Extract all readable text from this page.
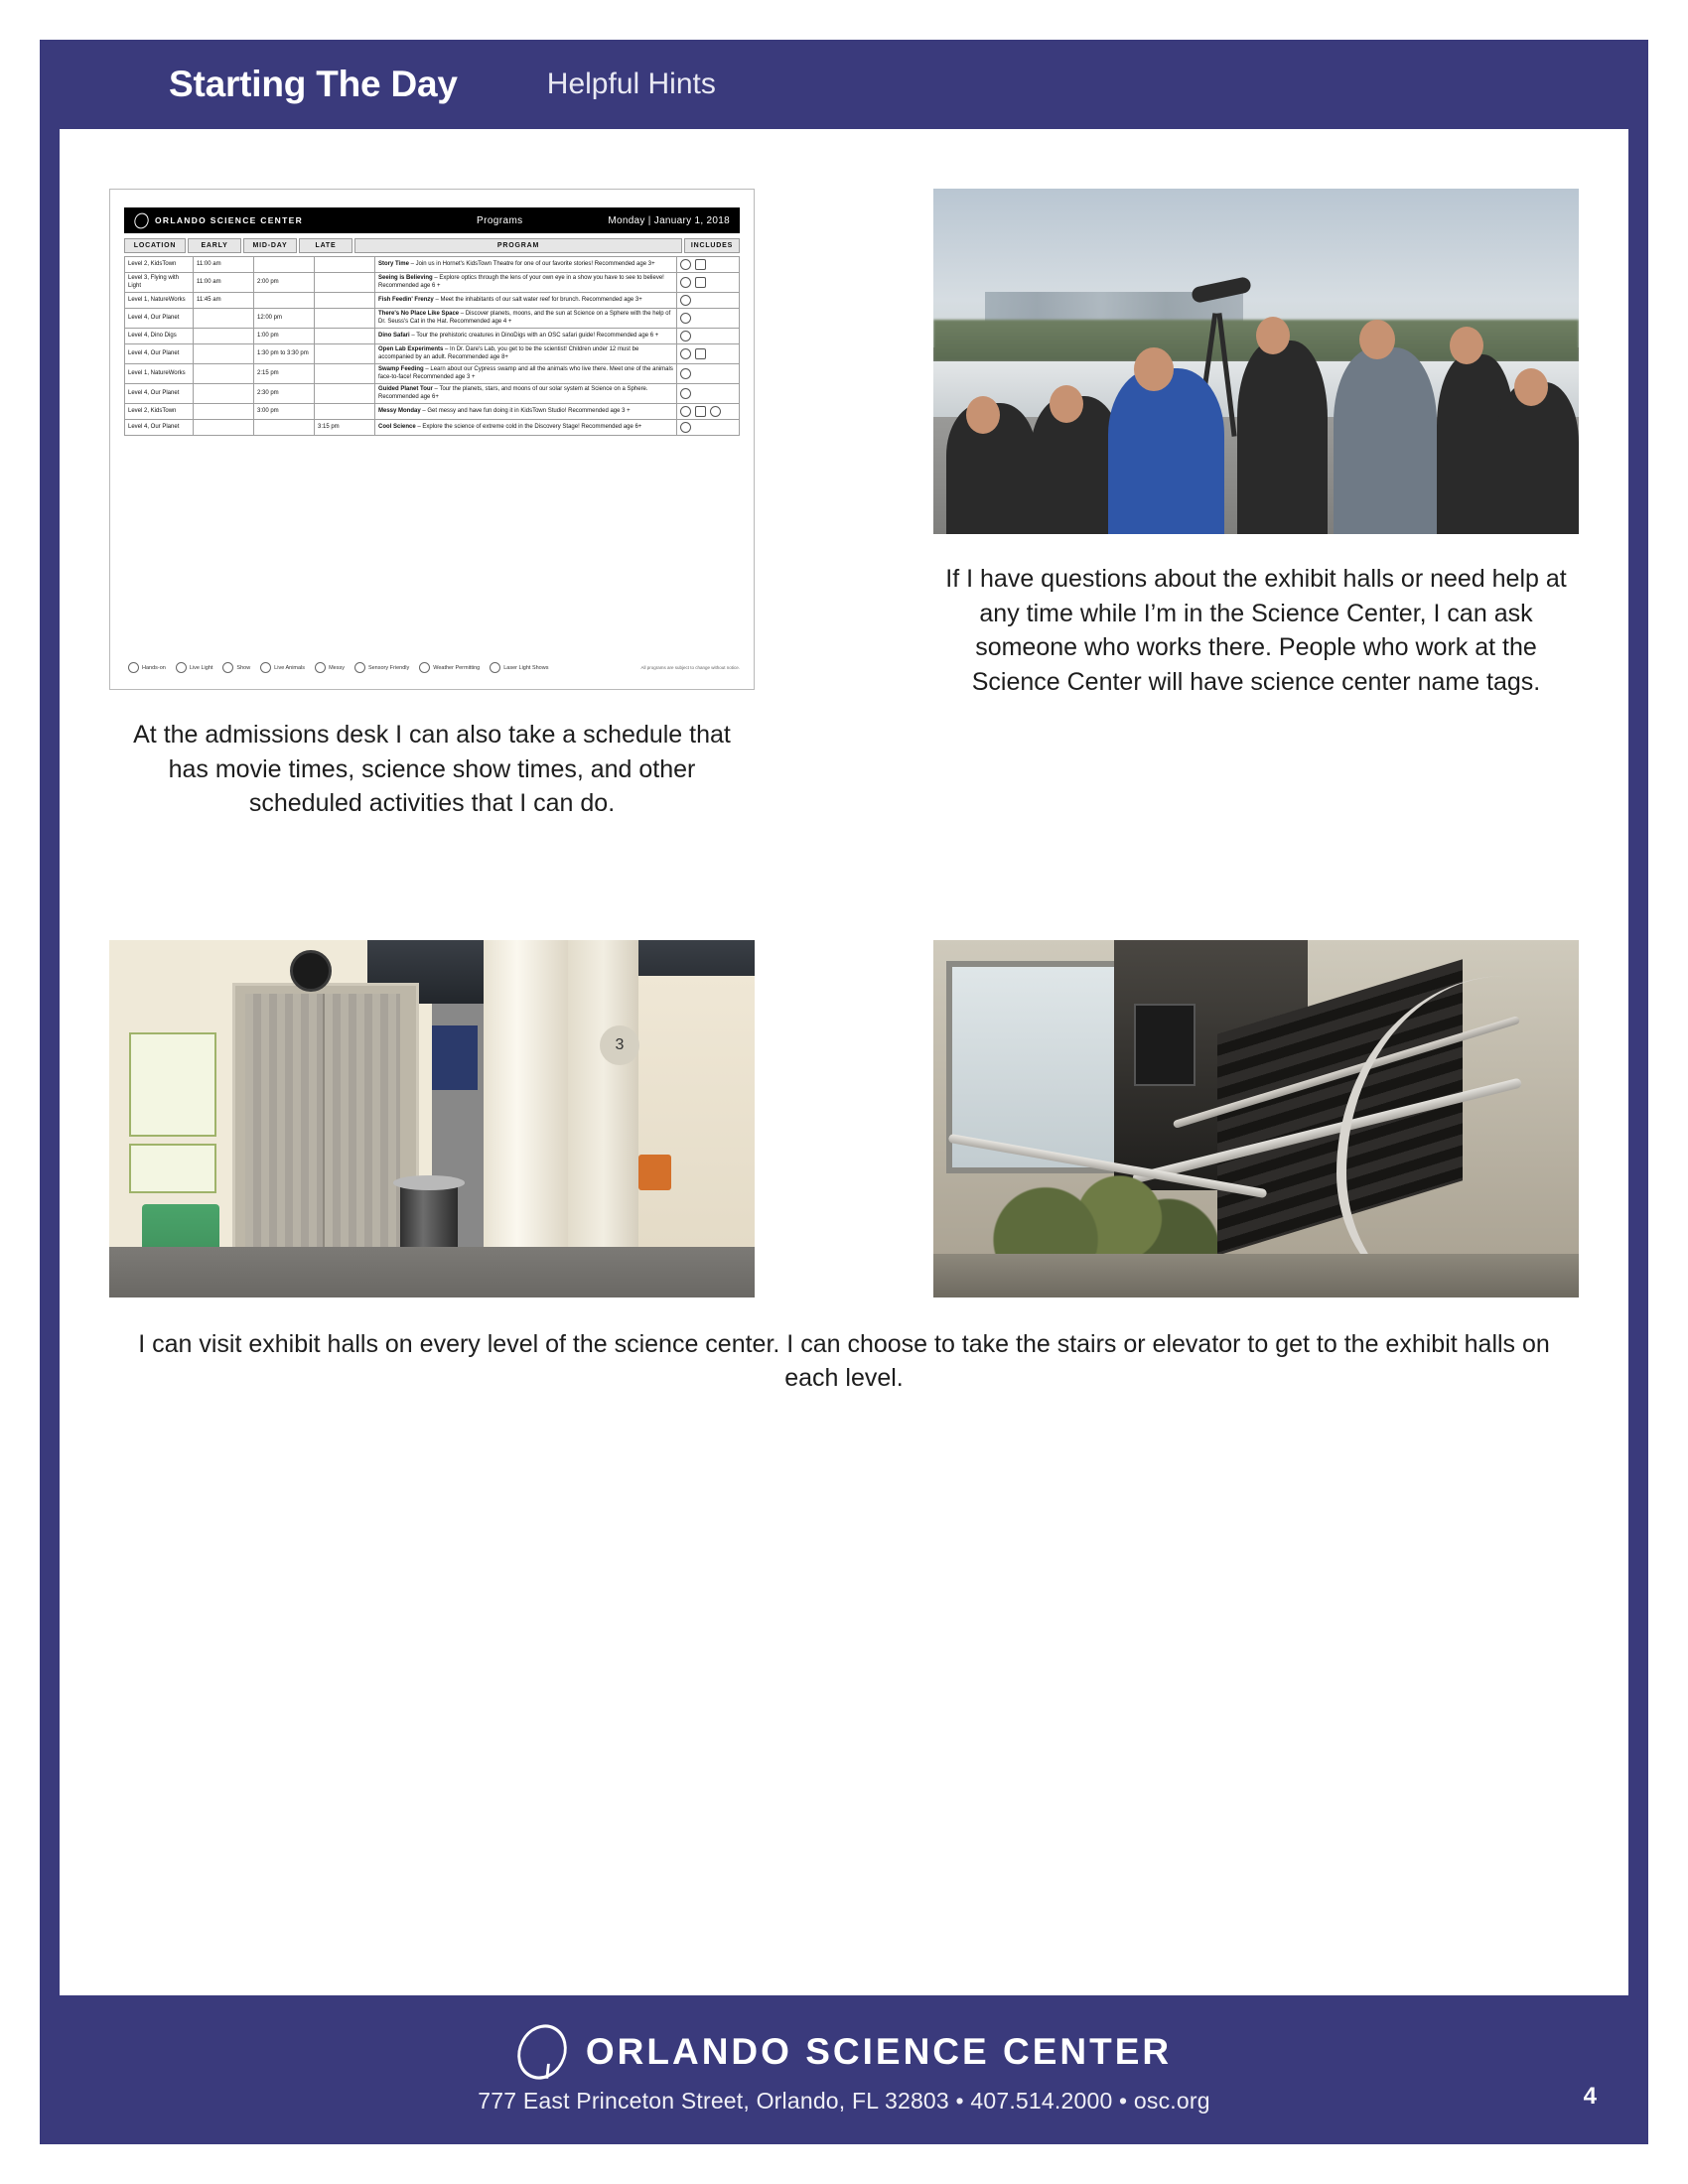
Starting The Day	Helpful Hints
ORLANDO SCIENCE CENTER	Programs	Monday | January 1, 2018
LOCATION	EARLY	MID-DAY	LATE	PROGRAM	INCLUDES
Level 2, KidsTown	11:00 am			Story Time – Join us in Hornet's KidsTown Theatre for one of our favorite stories! Recommended age 3+	

Level 3, Flying with Light	11:00 am	2:00 pm		Seeing is Believing – Explore optics through the lens of your own eye in a show you have to see to believe! Recommended age 6 +	

Level 1, NatureWorks	11:45 am			Fish Feedin' Frenzy – Meet the inhabitants of our salt water reef for brunch. Recommended age 3+	

Level 4, Our Planet		12:00 pm		There's No Place Like Space – Discover planets, moons, and the sun at Science on a Sphere with the help of Dr. Seuss's Cat in the Hat. Recommended age 4 +	

Level 4, Dino Digs		1:00 pm		Dino Safari – Tour the prehistoric creatures in DinoDigs with an OSC safari guide! Recommended age 6 +	

Level 4, Our Planet		1:30 pm to 3:30 pm		Open Lab Experiments – In Dr. Dare's Lab, you get to be the scientist! Children under 12 must be accompanied by an adult. Recommended age 8+	

Level 1, NatureWorks		2:15 pm		Swamp Feeding – Learn about our Cypress swamp and all the animals who live there. Meet one of the animals face-to-face! Recommended age 3 +	

Level 4, Our Planet		2:30 pm		Guided Planet Tour – Tour the planets, stars, and moons of our solar system at Science on a Sphere. Recommended age 6+	

Level 2, KidsTown		3:00 pm		Messy Monday – Get messy and have fun doing it in KidsTown Studio! Recommended age 3 +	

Level 4, Our Planet			3:15 pm	Cool Science – Explore the science of extreme cold in the Discovery Stage! Recommended age 6+	
Hands-on	Live Light	Show	Live Animals	Messy	Sensory Friendly	Weather Permitting	Laser Light Shows	All programs are subject to change without notice.
At the admissions desk I can also take a schedule that has movie times, science show times, and other scheduled activities that I can do.
If I have questions about the exhibit halls or need help at any time while I’m in the Science Center, I can ask someone who works there. People who work at the Science Center will have science center name tags.
3
I can visit exhibit halls on every level of the science center. I can choose to take the stairs or elevator to get to the exhibit halls on each level.
ORLANDO SCIENCE CENTER
777 East Princeton Street, Orlando, FL 32803 • 407.514.2000 • osc.org	4
